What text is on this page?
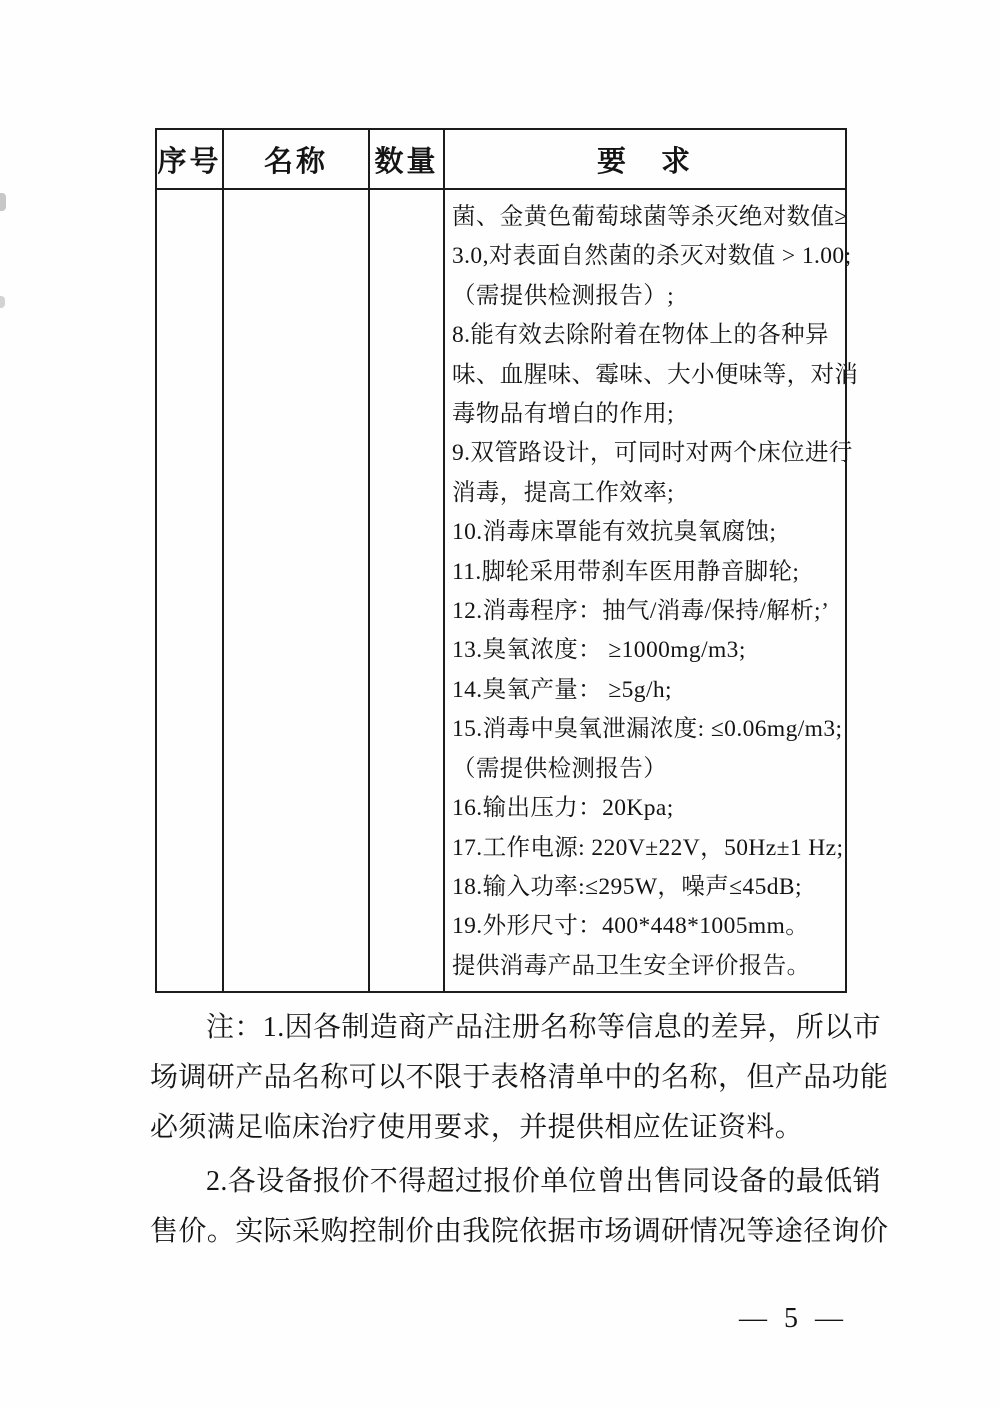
序号	名称	数量	要　求

菌、金黄色葡萄球菌等杀灭绝对数值≥
3.0,对表面自然菌的杀灭对数值 > 1.00;
（需提供检测报告）;
8.能有效去除附着在物体上的各种异
味、血腥味、霉味、大小便味等，对消
毒物品有增白的作用;
9.双管路设计，可同时对两个床位进行
消毒，提高工作效率;
10.消毒床罩能有效抗臭氧腐蚀;
11.脚轮采用带刹车医用静音脚轮;
12.消毒程序：抽气/消毒/保持/解析;
13.臭氧浓度： ≥1000mg/m3;
14.臭氧产量： ≥5g/h;
15.消毒中臭氧泄漏浓度: ≤0.06mg/m3;
（需提供检测报告）
16.输出压力：20Kpa;
17.工作电源: 220V±22V，50Hz±1 Hz;
18.输入功率:≤295W，噪声≤45dB;
19.外形尺寸：400*448*1005mm。
提供消毒产品卫生安全评价报告。
’
注：1.因各制造商产品注册名称等信息的差异，所以市
场调研产品名称可以不限于表格清单中的名称，但产品功能
必须满足临床治疗使用要求，并提供相应佐证资料。
2.各设备报价不得超过报价单位曾出售同设备的最低销
售价。实际采购控制价由我院依据市场调研情况等途径询价
— 5 —
